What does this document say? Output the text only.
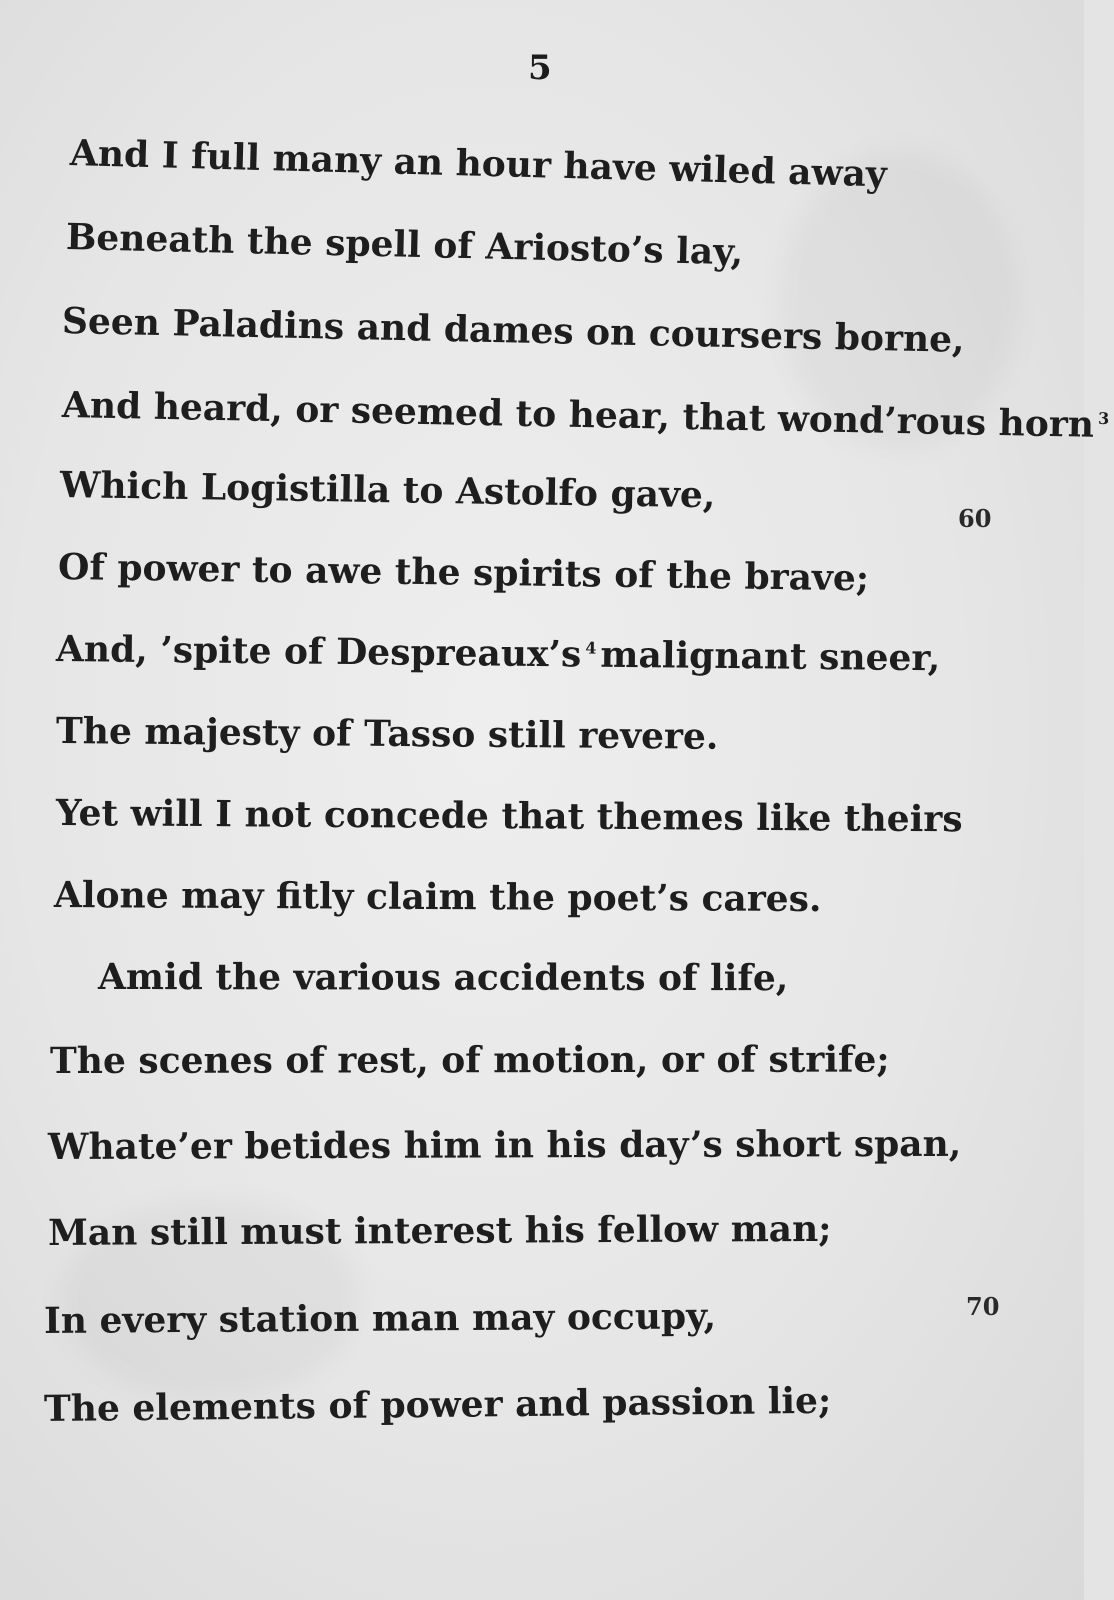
5
And I full many an hour have wiled away
Beneath the spell of Ariosto’s lay,
Seen Paladins and dames on coursers borne,
And heard, or seemed to hear, that wond’rous horn $^3$
Which Logistilla to Astolfo gave,
60
Of power to awe the spirits of the brave;
And, ’spite of Despreaux’s $^4$ malignant sneer,
The majesty of Tasso still revere.
Yet will I not concede that themes like theirs
Alone may fitly claim the poet’s cares.
Amid the various accidents of life,
The scenes of rest, of motion, or of strife;
Whate’er betides him in his day’s short span,
Man still must interest his fellow man;
In every station man may occupy,	70
The elements of power and passion lie;
